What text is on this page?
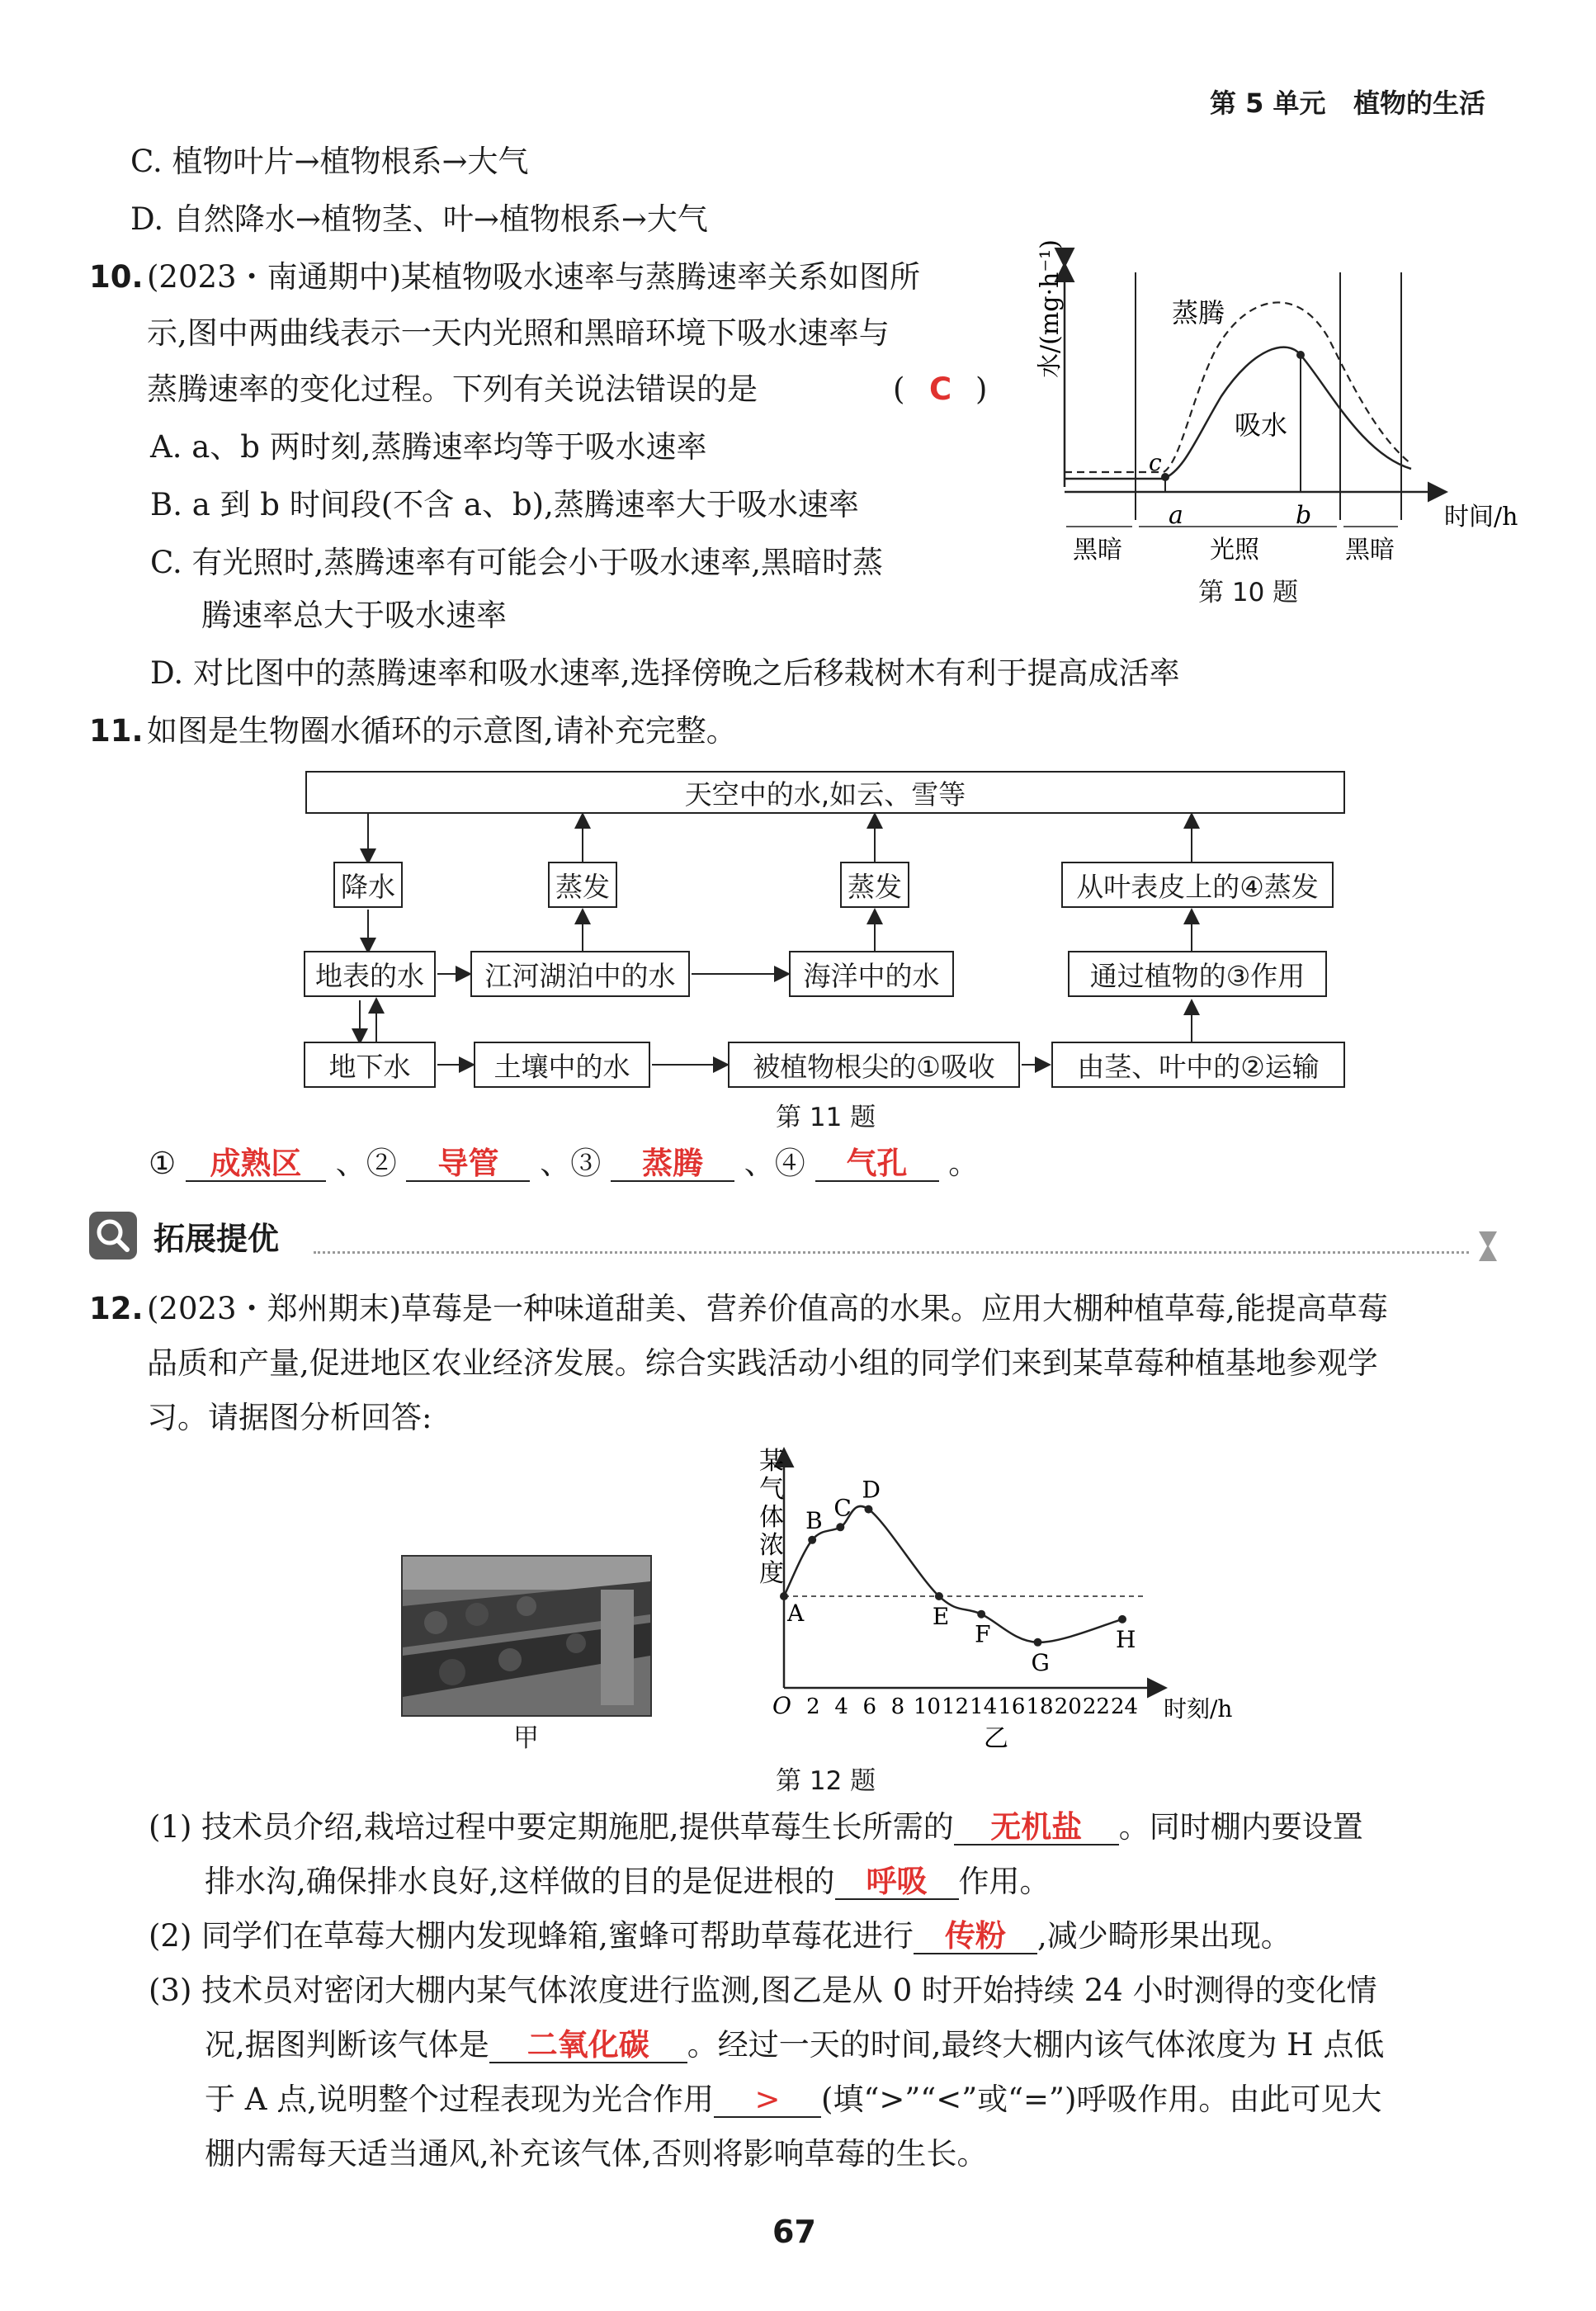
第 5 单元 植物的生活
C. 植物叶片→植物根系→大气
D. 自然降水→植物茎、叶→植物根系→大气
10. (2023・南通期中)某植物吸水速率与蒸腾速率关系如图所
示,图中两曲线表示一天内光照和黑暗环境下吸水速率与
蒸腾速率的变化过程。下列有关说法错误的是	( C )
A. a、b 两时刻,蒸腾速率均等于吸水速率
B. a 到 b 时间段(不含 a、b),蒸腾速率大于吸水速率
C. 有光照时,蒸腾速率有可能会小于吸水速率,黑暗时蒸
腾速率总大于吸水速率
D. 对比图中的蒸腾速率和吸水速率,选择傍晚之后移栽树木有利于提高成活率
水/(mg·h⁻¹)
时间/h
蒸腾
吸水
c
a	b
黑暗	光照	黑暗
第 10 题
11. 如图是生物圈水循环的示意图,请补充完整。
天空中的水,如云、雪等
降水	蒸发	蒸发	从叶表皮上的④蒸发
地表的水	江河湖泊中的水	海洋中的水	通过植物的③作用
地下水	土壤中的水	被植物根尖的①吸收	由茎、叶中的②运输
第 11 题
① 成熟区 、② 导管 、③ 蒸腾 、④ 气孔 。
拓展提优
12. (2023・郑州期末)草莓是一种味道甜美、营养价值高的水果。应用大棚种植草莓,能提高草莓
品质和产量,促进地区农业经济发展。综合实践活动小组的同学们来到某草莓种植基地参观学
习。请据图分析回答:
甲
A
B C
D
E
F
G
H
2 4 6 8 10 12 14 16 18 20 22 24
某
气
体
浓
度
O	时刻/h
乙
第 12 题
(1) 技术员介绍,栽培过程中要定期施肥,提供草莓生长所需的 无机盐 。同时棚内要设置
排水沟,确保排水良好,这样做的目的是促进根的 呼吸 作用。
(2) 同学们在草莓大棚内发现蜂箱,蜜蜂可帮助草莓花进行 传粉 ,减少畸形果出现。
(3) 技术员对密闭大棚内某气体浓度进行监测,图乙是从 0 时开始持续 24 小时测得的变化情
况,据图判断该气体是 二氧化碳 。经过一天的时间,最终大棚内该气体浓度为 H 点低
于 A 点,说明整个过程表现为光合作用 > (填“>”“<”或“=”)呼吸作用。由此可见大
棚内需每天适当通风,补充该气体,否则将影响草莓的生长。
67
